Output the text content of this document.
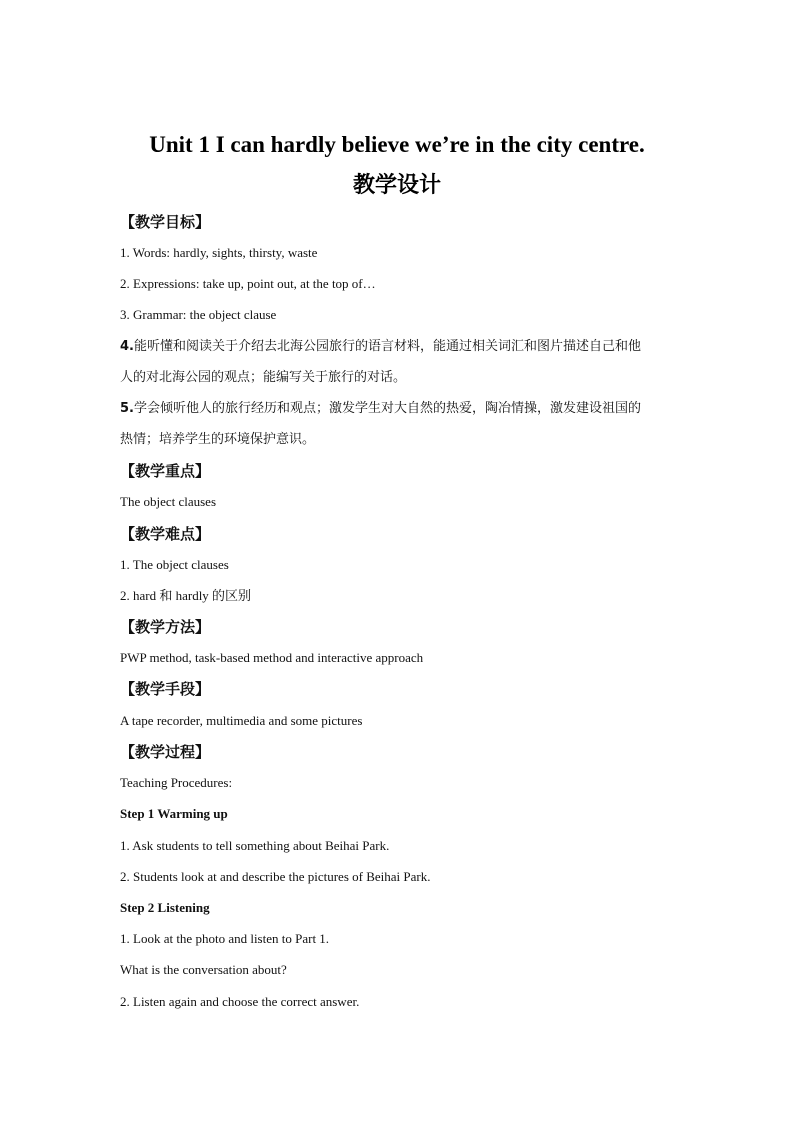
Unit 1 I can hardly believe we’re in the city centre.
教学设计
【教学目标】
1. Words: hardly, sights, thirsty, waste
2. Expressions: take up, point out, at the top of…
3. Grammar: the object clause
4.能听懂和阅读关于介绍去北海公园旅行的语言材料，能通过相关词汇和图片描述自己和他
人的对北海公园的观点；能编写关于旅行的对话。
5.学会倾听他人的旅行经历和观点；激发学生对大自然的热爱，陶冶情操，激发建设祖国的
热情；培养学生的环境保护意识。
【教学重点】
The object clauses
【教学难点】
1. The object clauses
2. hard 和 hardly 的区别
【教学方法】
PWP method, task-based method and interactive approach
【教学手段】
A tape recorder, multimedia and some pictures
【教学过程】
Teaching Procedures:
Step 1 Warming up
1. Ask students to tell something about Beihai Park.
2. Students look at and describe the pictures of Beihai Park.
Step 2 Listening
1. Look at the photo and listen to Part 1.
What is the conversation about?
2. Listen again and choose the correct answer.
